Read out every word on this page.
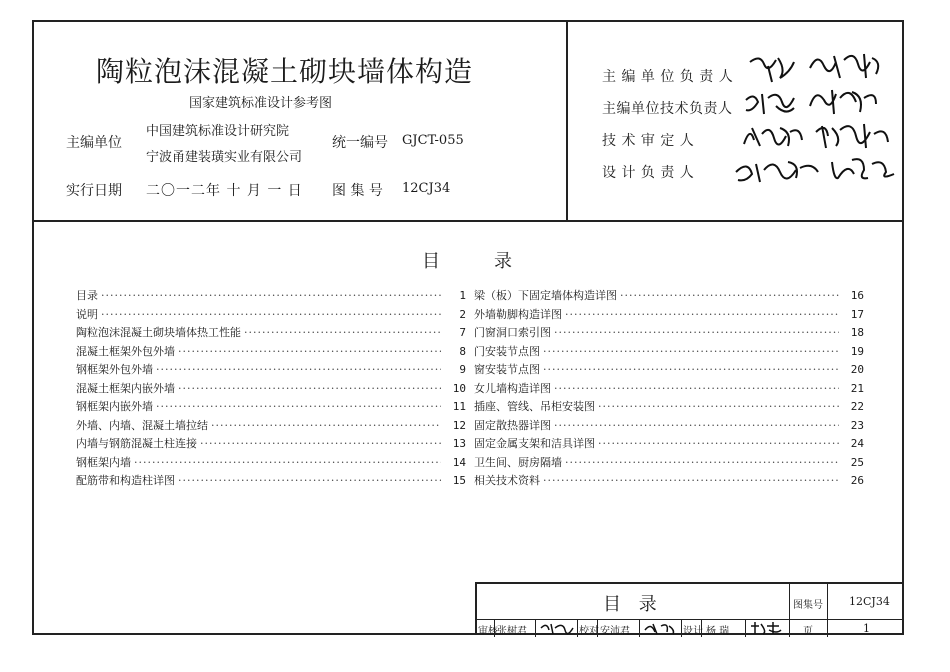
陶粒泡沫混凝土砌块墙体构造
国家建筑标准设计参考图
主编单位
中国建筑标准设计研究院
宁波甬建装璜实业有限公司
统一编号 GJCT-055
实行日期 二〇一二年 十 月 一 日 图 集 号 12CJ34
主 编 单 位 负 责 人
主编单位技术负责人
技 术 审 定 人
设 计 负 责 人
目	录
目录 ·····	1
说明 ·····	2
陶粒泡沫混凝土砌块墙体热工性能 ·····	7
混凝土框架外包外墙 ·····	8
钢框架外包外墙 ·····	9
混凝土框架内嵌外墙 ·····	10
钢框架内嵌外墙 ·····	11
外墙、内墙、混凝土墙拉结 ·····	12
内墙与钢筋混凝土柱连接 ·····	13
钢框架内墙 ·····	14
配筋带和构造柱详图 ·····	15
梁（板）下固定墙体构造详图 ·····	16
外墙勒脚构造详图 ·····	17
门窗洞口索引图 ·····	18
门安装节点图 ·····	19
窗安装节点图 ·····	20
女儿墙构造详图 ·····	21
插座、管线、吊柜安装图 ·····	22
固定散热器详图 ·····	23
固定金属支架和洁具详图 ·····	24
卫生间、厨房隔墙 ·····	25
相关技术资料 ·····	26
目 录	图集号 12CJ34
审核 张树君	校对 安沛君	设计 杨 瑞	页	1
